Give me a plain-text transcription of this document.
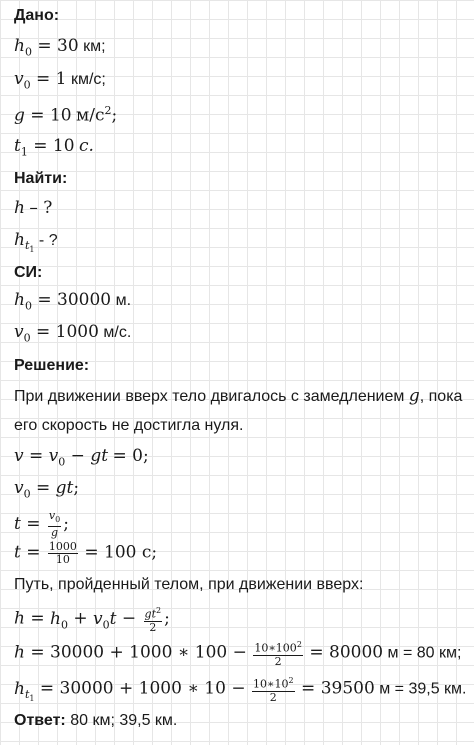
Дано:
$h_0 = 30$ км;
$v_0 = 1$ км/с;
g = 10 $м/с^2$;
$t_1 = 10$ с.
Найти:
h – ?
$h_{t_1}$ - ?
СИ:
$h_0 = 30000$ м.
$v_0 = 1000$ м/с.
Решение:
При движении вверх тело двигалось с замедлением g, пока
его скорость не достигла нуля.
$v = v_0$ − gt = 0;
$v_0$ = gt;
$t = \frac{v_0}{g}$ ;
$t = \frac{1000}{10} = 100$ с;
Путь, пройденный телом, при движении вверх:
$h = h_0 + v_0t - \frac{gt^2}{2}$ ;
h = 30000 + 1000 ∗ $100 - \frac{10∗100^2}{2} = 80000$ м = 80 км;
$h_{t_1} = 30000 + 1000$ ∗ $10 - \frac{10∗10^2}{2} = 39500$ м = 39,5 км.
Ответ: 80 км; 39,5 км.
